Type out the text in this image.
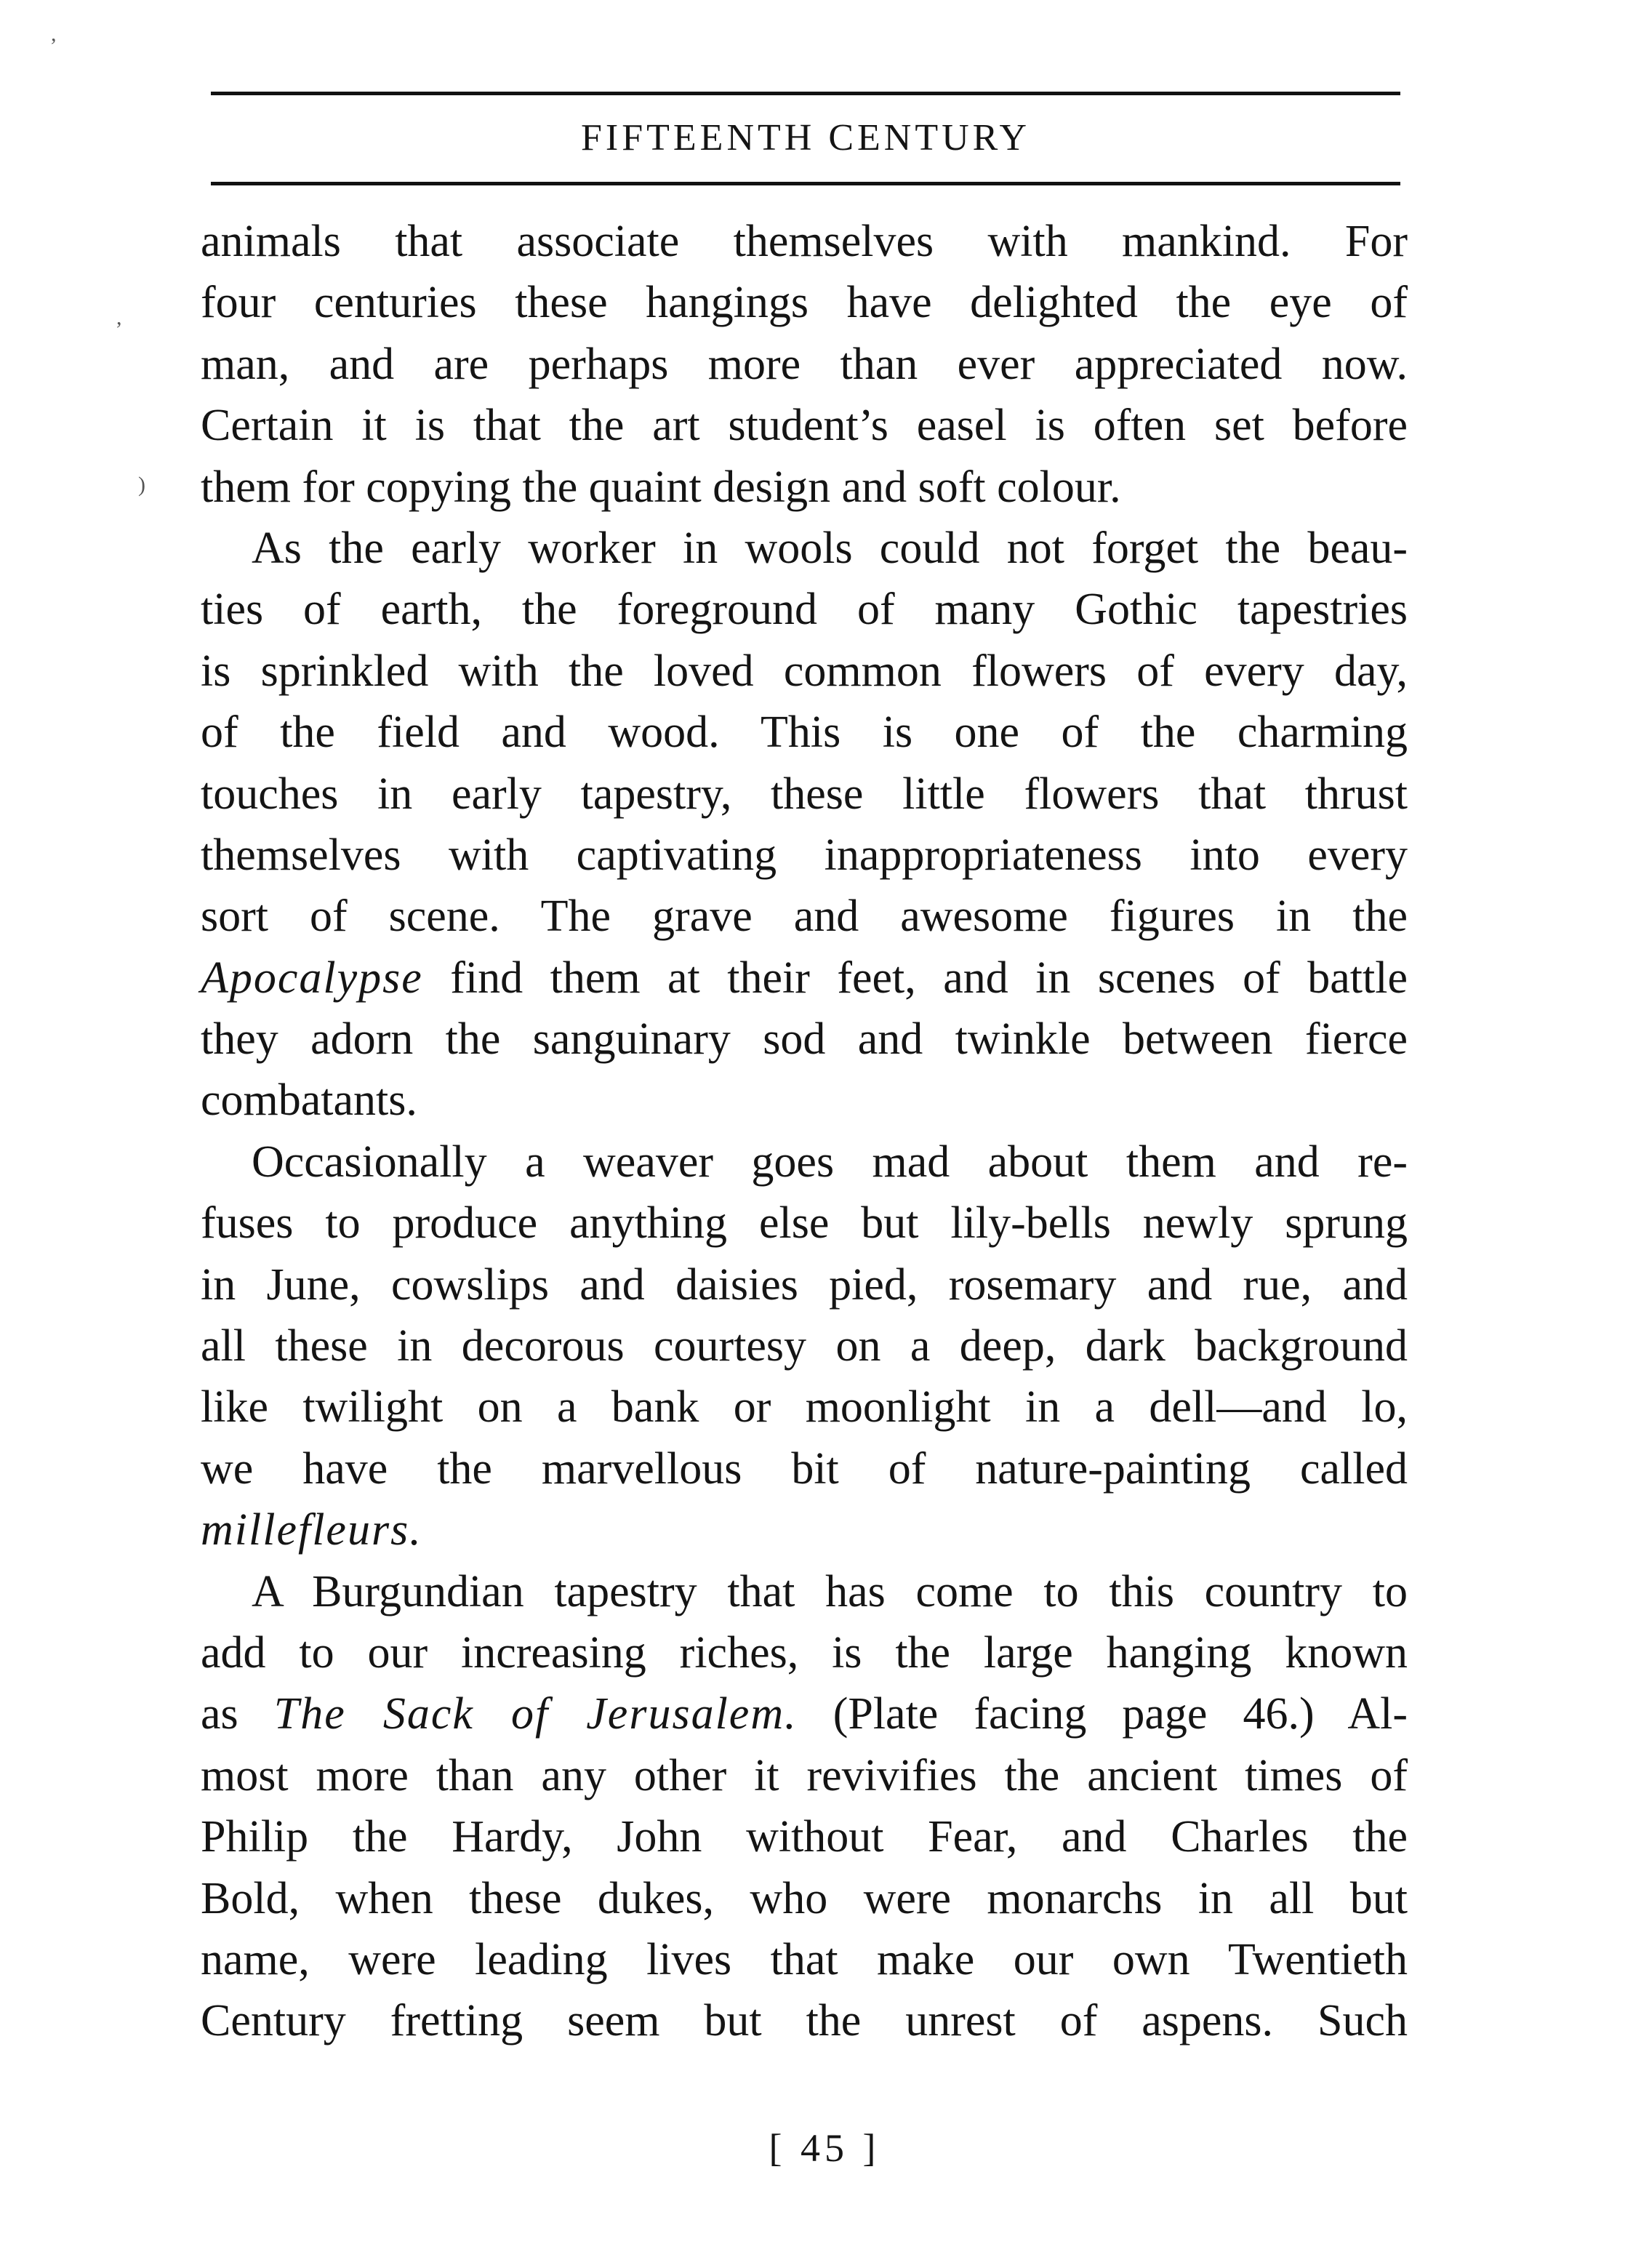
,
,
)
FIFTEENTH CENTURY
animals that associate themselves with mankind. For
four centuries these hangings have delighted the eye of
man, and are perhaps more than ever appreciated now.
Certain it is that the art student’s easel is often set before
them for copying the quaint design and soft colour.
As the early worker in wools could not forget the beau-
ties of earth, the foreground of many Gothic tapestries
is sprinkled with the loved common flowers of every day,
of the field and wood. This is one of the charming
touches in early tapestry, these little flowers that thrust
themselves with captivating inappropriateness into every
sort of scene. The grave and awesome figures in the
Apocalypse find them at their feet, and in scenes of battle
they adorn the sanguinary sod and twinkle between fierce
combatants.
Occasionally a weaver goes mad about them and re-
fuses to produce anything else but lily-bells newly sprung
in June, cowslips and daisies pied, rosemary and rue, and
all these in decorous courtesy on a deep, dark background
like twilight on a bank or moonlight in a dell—and lo,
we have the marvellous bit of nature-painting called
millefleurs.
A Burgundian tapestry that has come to this country to
add to our increasing riches, is the large hanging known
as The Sack of Jerusalem. (Plate facing page 46.) Al-
most more than any other it revivifies the ancient times of
Philip the Hardy, John without Fear, and Charles the
Bold, when these dukes, who were monarchs in all but
name, were leading lives that make our own Twentieth
Century fretting seem but the unrest of aspens. Such
[ 45 ]
